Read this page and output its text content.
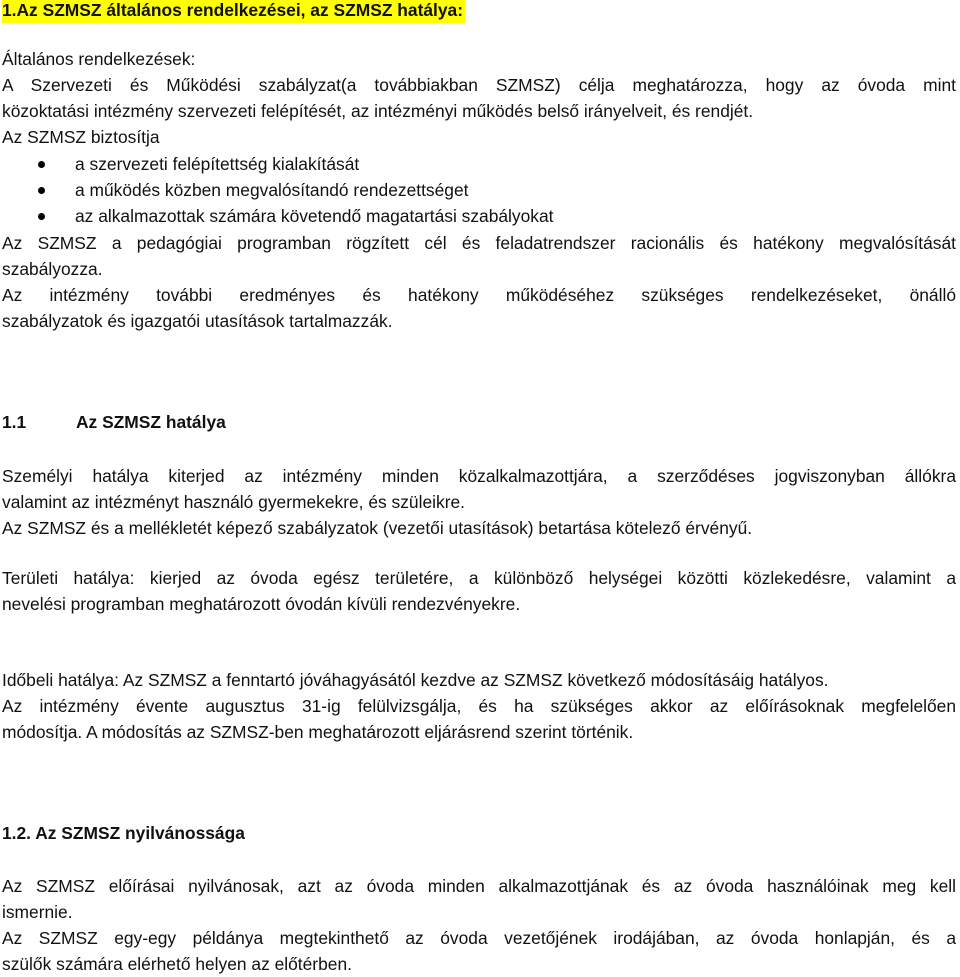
1.Az SZMSZ általános rendelkezései, az SZMSZ hatálya:
Általános rendelkezések:
A Szervezeti és Működési szabályzat(a továbbiakban SZMSZ) célja meghatározza, hogy az óvoda mint
közoktatási intézmény szervezeti felépítését, az intézményi működés belső irányelveit, és rendjét.
Az SZMSZ biztosítja
a szervezeti felépítettség kialakítását
a működés közben megvalósítandó rendezettséget
az alkalmazottak számára követendő magatartási szabályokat
Az SZMSZ a pedagógiai programban rögzített cél és feladatrendszer racionális és hatékony megvalósítását
szabályozza.
Az intézmény további eredményes és hatékony működéséhez szükséges rendelkezéseket, önálló
szabályzatok és igazgatói utasítások tartalmazzák.
1.1	Az SZMSZ hatálya
Személyi hatálya kiterjed az intézmény minden közalkalmazottjára, a szerződéses jogviszonyban állókra
valamint az intézményt használó gyermekekre, és szüleikre.
Az SZMSZ és a mellékletét képező szabályzatok (vezetői utasítások) betartása kötelező érvényű.
Területi hatálya: kierjed az óvoda egész területére, a különböző helységei közötti közlekedésre, valamint a
nevelési programban meghatározott óvodán kívüli rendezvényekre.
Időbeli hatálya: Az SZMSZ a fenntartó jóváhagyásától kezdve az SZMSZ következő módosításáig hatályos.
Az intézmény évente augusztus 31-ig felülvizsgálja, és ha szükséges akkor az előírásoknak megfelelően
módosítja. A módosítás az SZMSZ-ben meghatározott eljárásrend szerint történik.
1.2. Az SZMSZ nyilvánossága
Az SZMSZ előírásai nyilvánosak, azt az óvoda minden alkalmazottjának és az óvoda használóinak meg kell
ismernie.
Az SZMSZ egy-egy példánya megtekinthető az óvoda vezetőjének irodájában, az óvoda honlapján, és a
szülők számára elérhető helyen az előtérben.
